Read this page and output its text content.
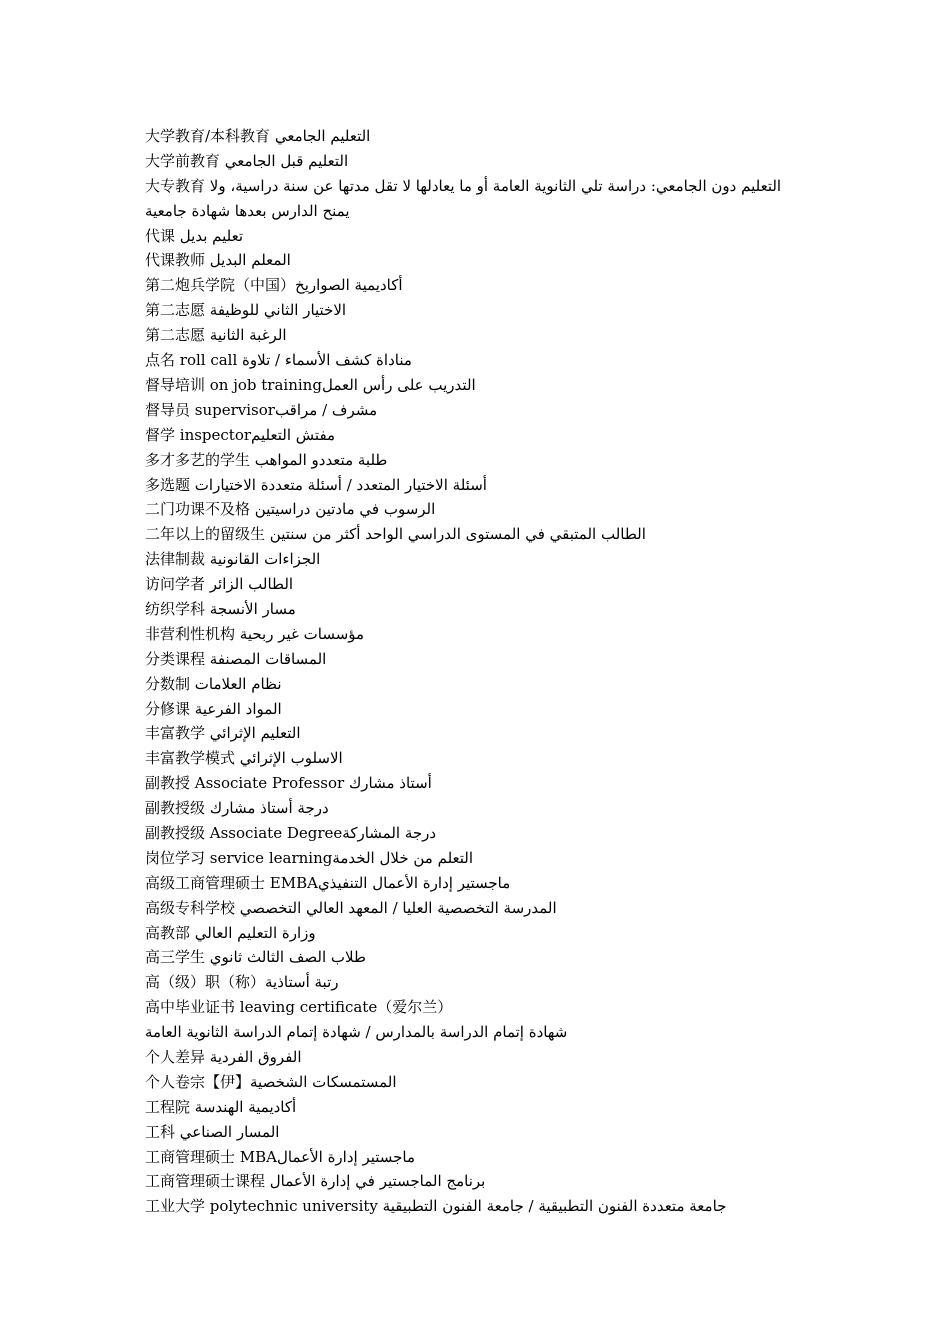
大学教育/本科教育 التعليم الجامعي
大学前教育 التعليم قبل الجامعي
大专教育 التعليم دون الجامعي: دراسة تلي الثانوية العامة أو ما يعادلها لا تقل مدتها عن سنة دراسية، ولا يمنح الدارس بعدها شهادة جامعية
代课 تعليم بديل
代课教师 المعلم البديل
第二炮兵学院（中国）أكاديمية الصواريخ
第二志愿 الاختيار الثاني للوظيفة
第二志愿 الرغبة الثانية
点名 roll call مناداة كشف الأسماء / تلاوة
督导培训 on job trainingالتدريب على رأس العمل
督导员 supervisorمشرف / مراقب
督学 inspectorمفتش التعليم
多才多艺的学生 طلبة متعددو المواهب
多选题 أسئلة الاختيار المتعدد / أسئلة متعددة الاختيارات
二门功课不及格 الرسوب في مادتين دراسيتين
二年以上的留级生 الطالب المتبقي في المستوى الدراسي الواحد أكثر من سنتين
法律制裁 الجزاءات القانونية
访问学者 الطالب الزائر
纺织学科 مسار الأنسجة
非营利性机构 مؤسسات غير ربحية
分类课程 المساقات المصنفة
分数制 نظام العلامات
分修课 المواد الفرعية
丰富教学 التعليم الإثرائي
丰富教学模式 الاسلوب الإثرائي
副教授 Associate Professor أستاذ مشارك
副教授级 درجة أستاذ مشارك
副教授级 Associate Degreeدرجة المشاركة
岗位学习 service learningالتعلم من خلال الخدمة
高级工商管理硕士 EMBAماجستير إدارة الأعمال التنفيذي
高级专科学校 المدرسة التخصصية العليا / المعهد العالي التخصصي
高教部 وزارة التعليم العالي
高三学生 طلاب الصف الثالث ثانوي
高（级）职（称）رتبة أستاذية
高中毕业证书 leaving certificate（爱尔兰）
شهادة إتمام الدراسة بالمدارس / شهادة إتمام الدراسة الثانوية العامة
个人差异 الفروق الفردية
个人卷宗【伊】المستمسكات الشخصية
工程院 أكاديمية الهندسة
工科 المسار الصناعي
工商管理硕士 MBAماجستير إدارة الأعمال
工商管理硕士课程 برنامج الماجستير في إدارة الأعمال
工业大学 polytechnic university جامعة متعددة الفنون التطبيقية / جامعة الفنون التطبيقية
